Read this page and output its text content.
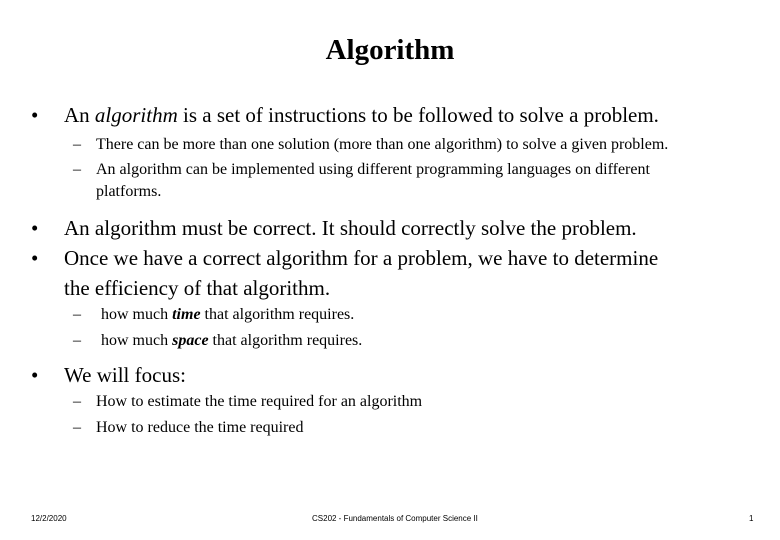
Algorithm
• An algorithm is a set of instructions to be followed to solve a problem.
– There can be more than one solution (more than one algorithm) to solve a given problem.
– An algorithm can be implemented using different programming languages on different
platforms.
• An algorithm must be correct. It should correctly solve the problem.
• Once we have a correct algorithm for a problem, we have to determine
the efficiency of that algorithm.
– how much time that algorithm requires.
– how much space that algorithm requires.
• We will focus:
– How to estimate the time required for an algorithm
– How to reduce the time required
12/2/2020	CS202 - Fundamentals of Computer Science II	1
